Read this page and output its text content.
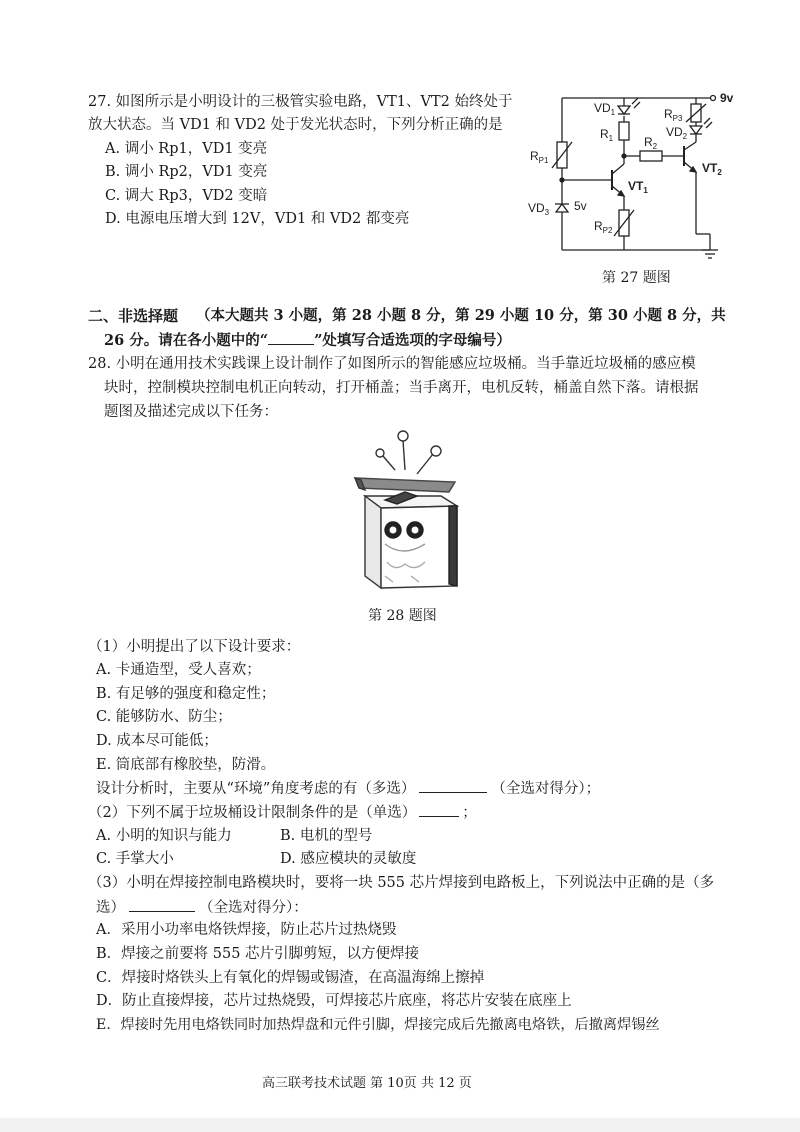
27. 如图所示是小明设计的三极管实验电路，VT1、VT2 始终处于
放大状态。当 VD1 和 VD2 处于发光状态时，下列分析正确的是
A. 调小 Rp1，VD1 变亮
B. 调小 Rp2，VD1 变亮
C. 调大 Rp3，VD2 变暗
D. 电源电压增大到 12V，VD1 和 VD2 都变亮
9v
$R_{P1}$
$VD_3$ 5v
$VT_1$
$VD_1$
$R_1$
$R_{P2}$
$R_2$
$VT_2$
$R_{P3}$
$VD_2$
第 27 题图
二、非选择题 （本大题共 3 小题，第 28 小题 8 分，第 29 小题 10 分，第 30 小题 8 分，共
26 分。请在各小题中的“	”处填写合适选项的字母编号）
28. 小明在通用技术实践课上设计制作了如图所示的智能感应垃圾桶。当手靠近垃圾桶的感应模
块时，控制模块控制电机正向转动，打开桶盖；当手离开，电机反转，桶盖自然下落。请根据
题图及描述完成以下任务：
第 28 题图
（1）小明提出了以下设计要求：
A. 卡通造型，受人喜欢；
B. 有足够的强度和稳定性；
C. 能够防水、防尘；
D. 成本尽可能低；
E. 筒底部有橡胶垫，防滑。
设计分析时，主要从“环境”角度考虑的有（多选）	（全选对得分）；
（2）下列不属于垃圾桶设计限制条件的是（单选）	；
A. 小明的知识与能力	B. 电机的型号
C. 手掌大小	D. 感应模块的灵敏度
（3）小明在焊接控制电路模块时，要将一块 555 芯片焊接到电路板上，下列说法中正确的是（多
选）	（全选对得分）：
A．采用小功率电烙铁焊接，防止芯片过热烧毁
B．焊接之前要将 555 芯片引脚剪短，以方便焊接
C．焊接时烙铁头上有氧化的焊锡或锡渣，在高温海绵上擦掉
D．防止直接焊接，芯片过热烧毁，可焊接芯片底座，将芯片安装在底座上
E．焊接时先用电烙铁同时加热焊盘和元件引脚，焊接完成后先撤离电烙铁，后撤离焊锡丝
高三联考技术试题 第 10页 共 12 页
